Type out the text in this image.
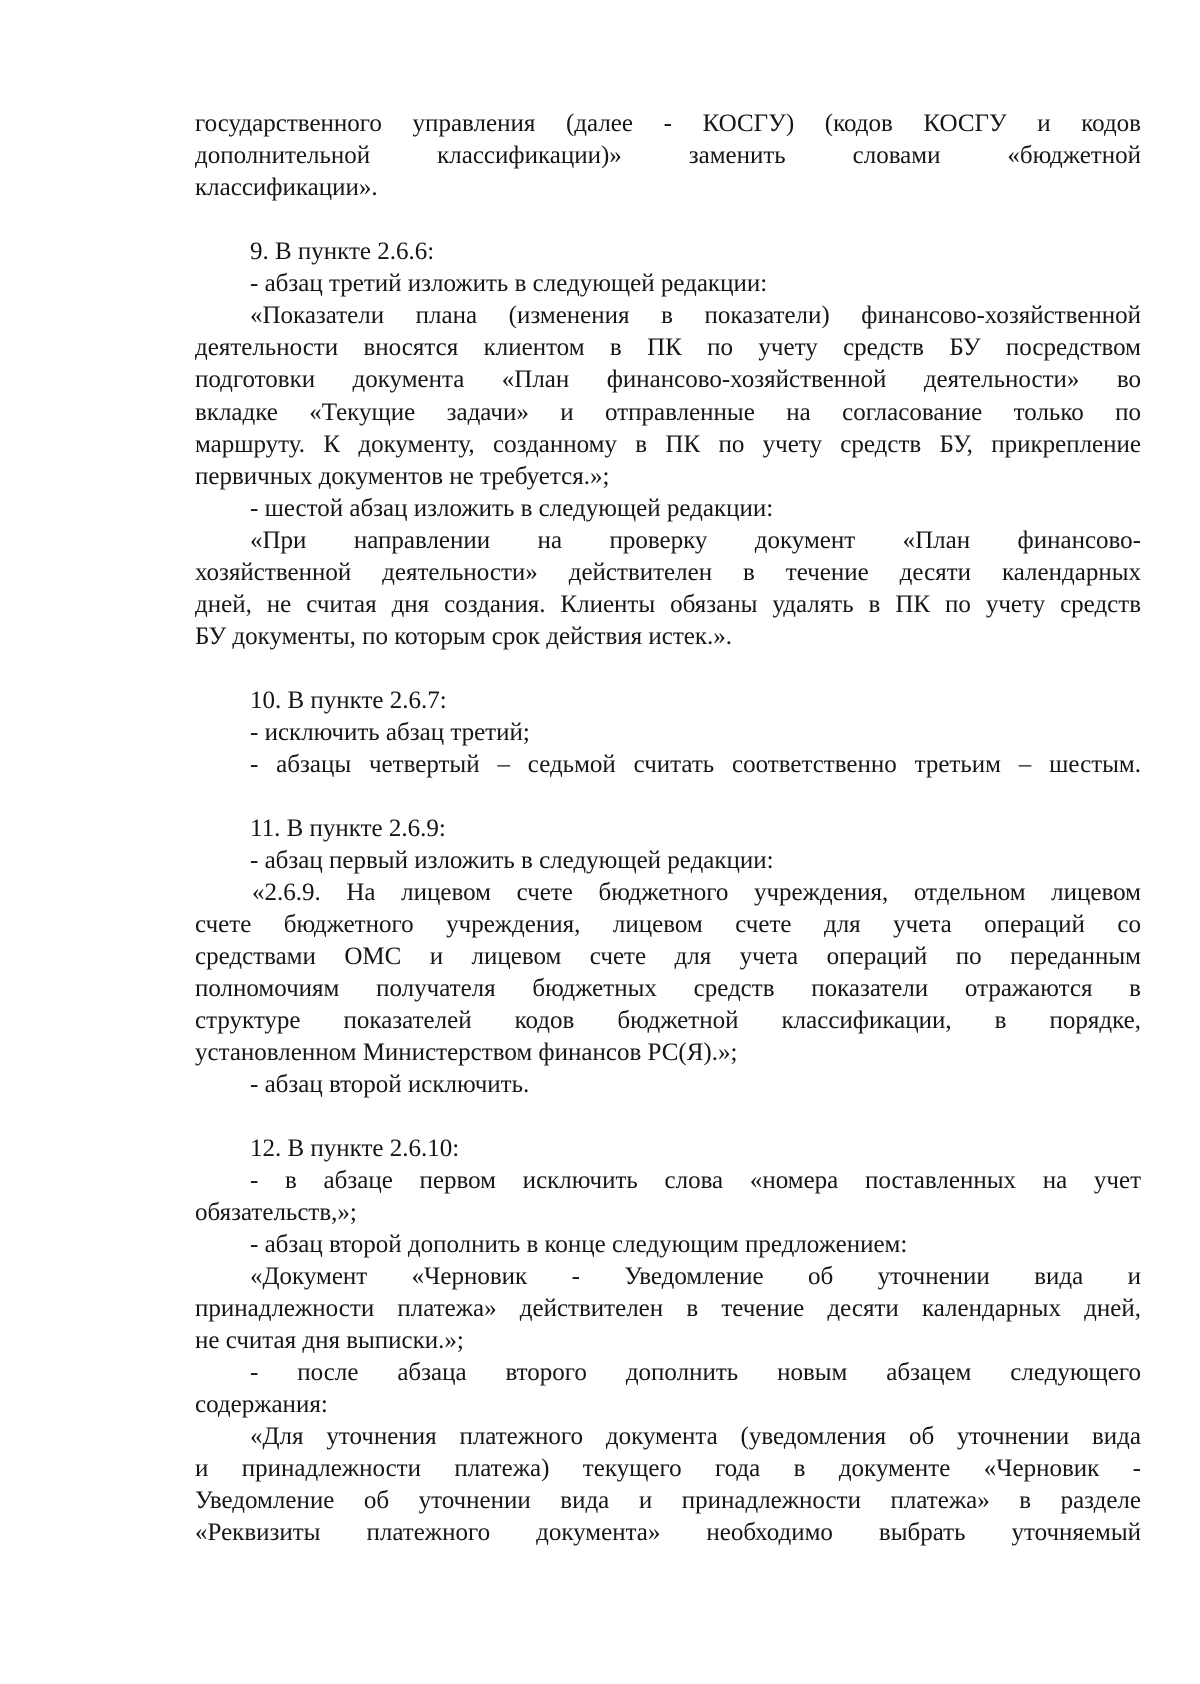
государственного управления (далее - КОСГУ) (кодов КОСГУ и кодов
дополнительной классификации)» заменить словами «бюджетной
классификации».
9. В пункте 2.6.6:
- абзац третий изложить в следующей редакции:
«Показатели плана (изменения в показатели) финансово-хозяйственной
деятельности вносятся клиентом в ПК по учету средств БУ посредством
подготовки документа «План финансово-хозяйственной деятельности» во
вкладке «Текущие задачи» и отправленные на согласование только по
маршруту. К документу, созданному в ПК по учету средств БУ, прикрепление
первичных документов не требуется.»;
- шестой абзац изложить в следующей редакции:
«При направлении на проверку документ «План финансово-
хозяйственной деятельности» действителен в течение десяти календарных
дней, не считая дня создания. Клиенты обязаны удалять в ПК по учету средств
БУ документы, по которым срок действия истек.».
10. В пункте 2.6.7:
- исключить абзац третий;
- абзацы четвертый – седьмой считать соответственно третьим – шестым.
11. В пункте 2.6.9:
- абзац первый изложить в следующей редакции:
«2.6.9. На лицевом счете бюджетного учреждения, отдельном лицевом
счете бюджетного учреждения, лицевом счете для учета операций со
средствами ОМС и лицевом счете для учета операций по переданным
полномочиям получателя бюджетных средств показатели отражаются в
структуре показателей кодов бюджетной классификации, в порядке,
установленном Министерством финансов РС(Я).»;
- абзац второй исключить.
12. В пункте 2.6.10:
- в абзаце первом исключить слова «номера поставленных на учет
обязательств,»;
- абзац второй дополнить в конце следующим предложением:
«Документ «Черновик - Уведомление об уточнении вида и
принадлежности платежа» действителен в течение десяти календарных дней,
не считая дня выписки.»;
- после абзаца второго дополнить новым абзацем следующего
содержания:
«Для уточнения платежного документа (уведомления об уточнении вида
и принадлежности платежа) текущего года в документе «Черновик -
Уведомление об уточнении вида и принадлежности платежа» в разделе
«Реквизиты платежного документа» необходимо выбрать уточняемый
